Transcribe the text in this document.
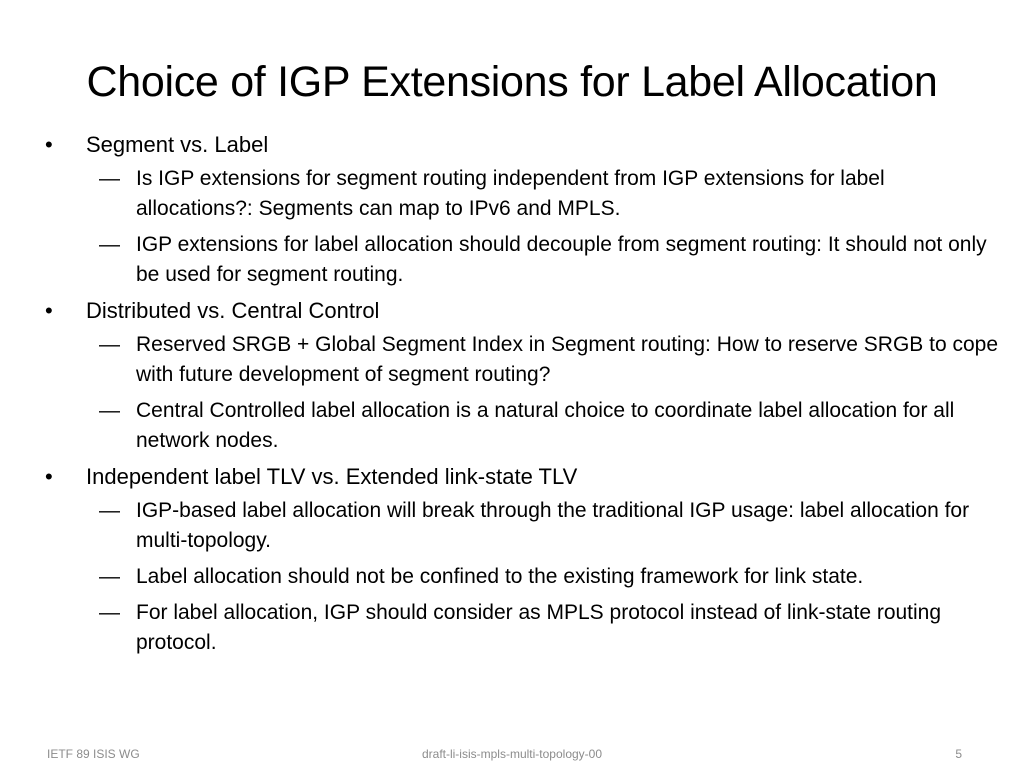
Choice of IGP Extensions for Label Allocation
•	Segment vs. Label
— Is IGP extensions for segment routing independent from IGP extensions for label allocations?: Segments can map to IPv6 and MPLS.
— IGP extensions for label allocation should decouple from segment routing: It should not only be used for segment routing.
•	Distributed vs. Central Control
— Reserved SRGB + Global Segment Index in Segment routing: How to reserve SRGB to cope with future development of segment routing?
— Central Controlled label allocation is a natural choice to coordinate label allocation for all network nodes.
•	Independent label TLV vs. Extended link-state TLV
— IGP-based label allocation will break through the traditional IGP usage: label allocation for multi-topology.
— Label allocation should not be confined to the existing framework for link state.
— For label allocation, IGP should consider as MPLS protocol instead of link-state routing protocol.
IETF 89 ISIS WG	draft-li-isis-mpls-multi-topology-00	5
